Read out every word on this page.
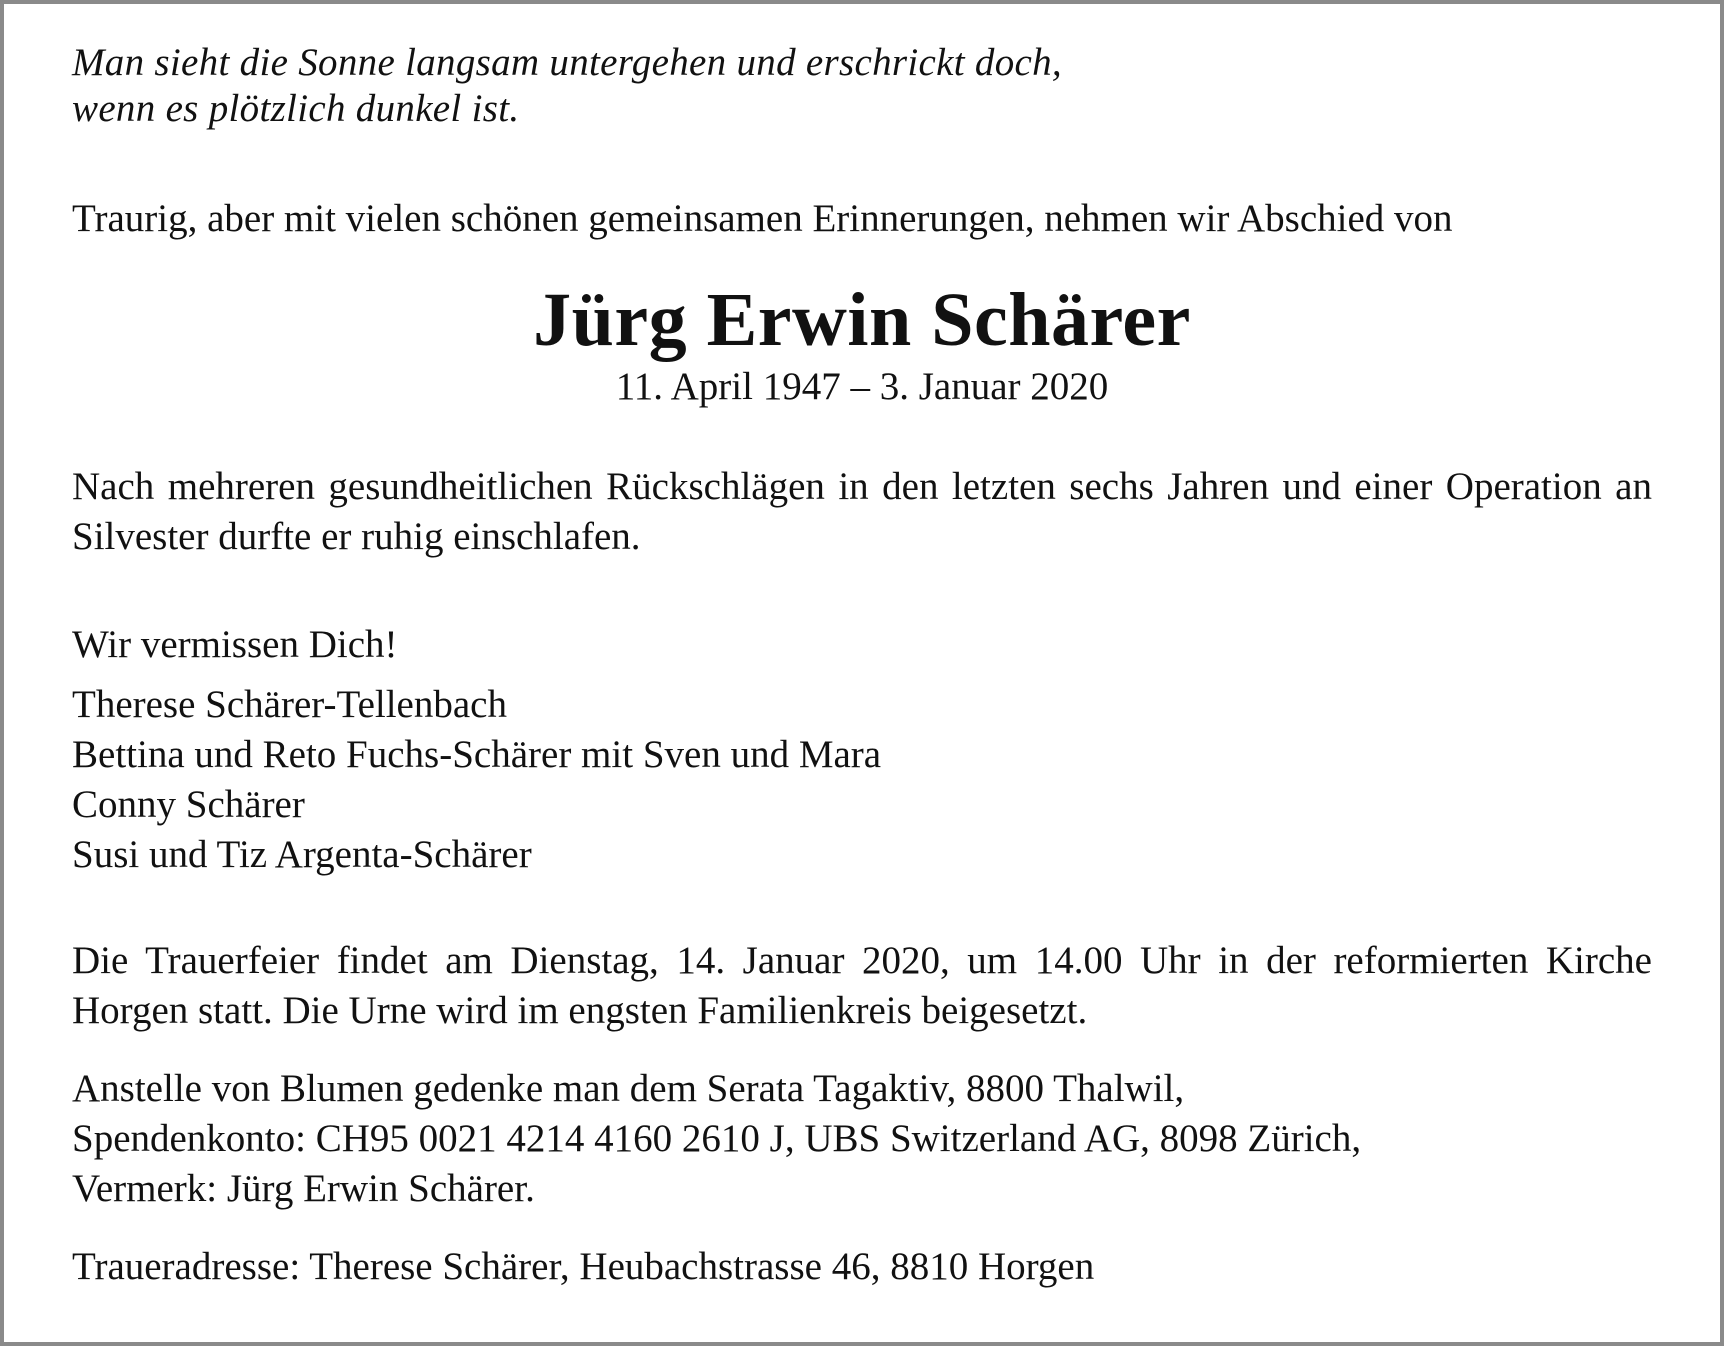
Man sieht die Sonne langsam untergehen und erschrickt doch,
wenn es plötzlich dunkel ist.

Traurig, aber mit vielen schönen gemeinsamen Erinnerungen, nehmen wir Abschied von

Jürg Erwin Schärer

11. April 1947 – 3. Januar 2020

Nach mehreren gesundheitlichen Rückschlägen in den letzten sechs Jahren und einer Operation an Silvester durfte er ruhig einschlafen.

Wir vermissen Dich!

Therese Schärer-Tellenbach
Bettina und Reto Fuchs-Schärer mit Sven und Mara
Conny Schärer
Susi und Tiz Argenta-Schärer

Die Trauerfeier findet am Dienstag, 14. Januar 2020, um 14.00 Uhr in der reformierten Kirche Horgen statt. Die Urne wird im engsten Familienkreis beigesetzt.

Anstelle von Blumen gedenke man dem Serata Tagaktiv, 8800 Thalwil,
Spendenkonto: CH95 0021 4214 4160 2610 J, UBS Switzerland AG, 8098 Zürich,
Vermerk: Jürg Erwin Schärer.

Traueradresse: Therese Schärer, Heubachstrasse 46, 8810 Horgen
